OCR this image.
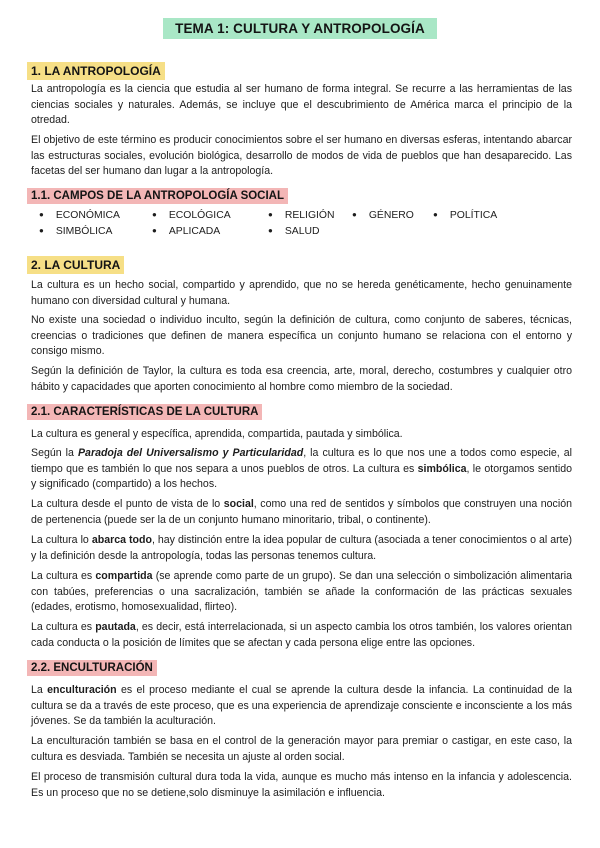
TEMA 1: CULTURA Y ANTROPOLOGÍA
1. LA ANTROPOLOGÍA
La antropología es la ciencia que estudia al ser humano de forma integral. Se recurre a las herramientas de las ciencias sociales y naturales. Además, se incluye que el descubrimiento de América marca el principio de la otredad.
El objetivo de este término es producir conocimientos sobre el ser humano en diversas esferas, intentando abarcar las estructuras sociales, evolución biológica, desarrollo de modos de vida de pueblos que han desaparecido. Las facetas del ser humano dan lugar a la antropología.
1.1. CAMPOS DE LA ANTROPOLOGÍA SOCIAL
● ECONÓMICA	● ECOLÓGICA	● RELIGIÓN	● GÉNERO	● POLÍTICA
● SIMBÓLICA	● APLICADA	● SALUD
2. LA CULTURA
La cultura es un hecho social, compartido y aprendido, que no se hereda genéticamente, hecho genuinamente humano con diversidad cultural y humana.
No existe una sociedad o individuo inculto, según la definición de cultura, como conjunto de saberes, técnicas, creencias o tradiciones que definen de manera específica un conjunto humano se relaciona con el entorno y consigo mismo.
Según la definición de Taylor, la cultura es toda esa creencia, arte, moral, derecho, costumbres y cualquier otro hábito y capacidades que aporten conocimiento al hombre como miembro de la sociedad.
2.1. CARACTERÍSTICAS DE LA CULTURA
La cultura es general y específica, aprendida, compartida, pautada y simbólica.
Según la Paradoja del Universalismo y Particularidad, la cultura es lo que nos une a todos como especie, al tiempo que es también lo que nos separa a unos pueblos de otros. La cultura es simbólica, le otorgamos sentido y significado (compartido) a los hechos.
La cultura desde el punto de vista de lo social, como una red de sentidos y símbolos que construyen una noción de pertenencia (puede ser la de un conjunto humano minoritario, tribal, o continente).
La cultura lo abarca todo, hay distinción entre la idea popular de cultura (asociada a tener conocimientos o al arte) y la definición desde la antropología, todas las personas tenemos cultura.
La cultura es compartida (se aprende como parte de un grupo). Se dan una selección o simbolización alimentaria con tabúes, preferencias o una sacralización, también se añade la conformación de las prácticas sexuales (edades, erotismo, homosexualidad, flirteo).
La cultura es pautada, es decir, está interrelacionada, si un aspecto cambia los otros también, los valores orientan cada conducta o la posición de límites que se afectan y cada persona elige entre las opciones.
2.2. ENCULTURACIÓN
La enculturación es el proceso mediante el cual se aprende la cultura desde la infancia. La continuidad de la cultura se da a través de este proceso, que es una experiencia de aprendizaje consciente e inconsciente a los más jóvenes. Se da también la aculturación.
La enculturación también se basa en el control de la generación mayor para premiar o castigar, en este caso, la cultura es desviada. También se necesita un ajuste al orden social.
El proceso de transmisión cultural dura toda la vida, aunque es mucho más intenso en la infancia y adolescencia. Es un proceso que no se detiene,solo disminuye la asimilación e influencia.
